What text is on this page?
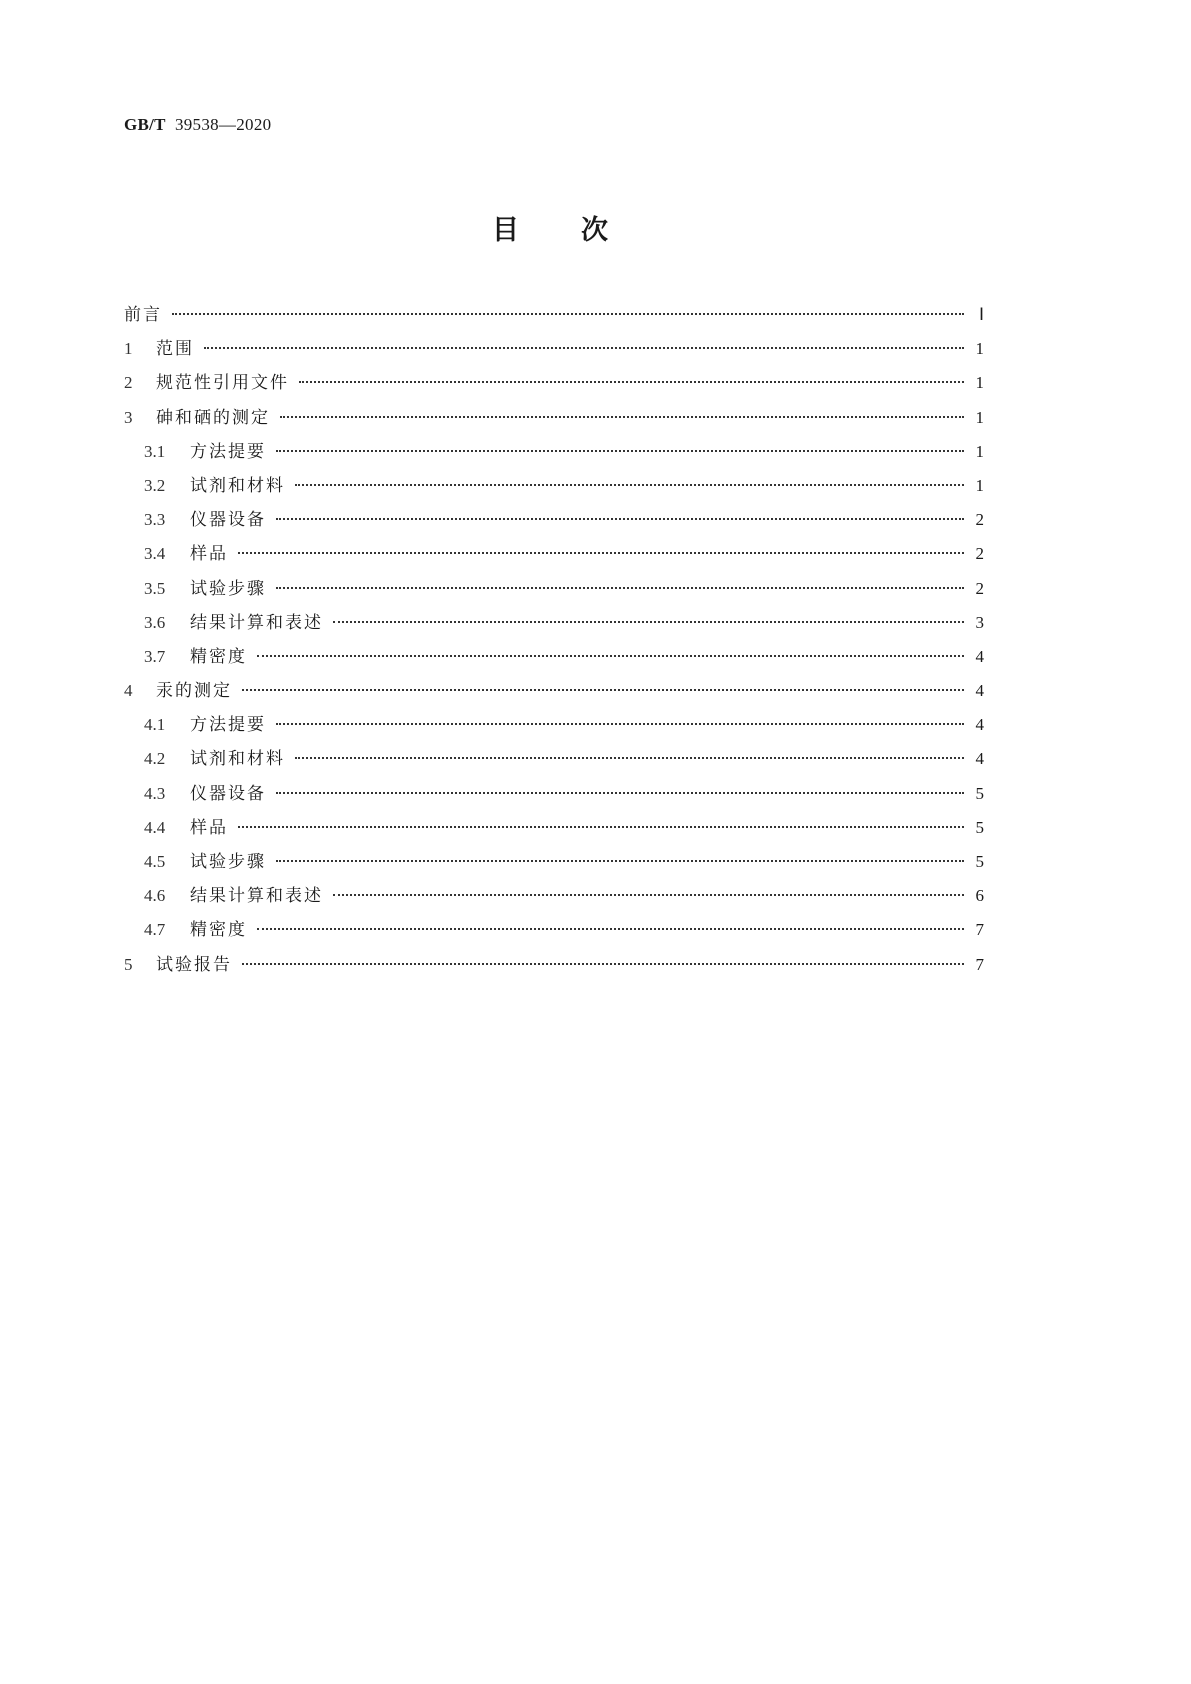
GB/T 39538—2020
目 次
前言	Ⅰ
1	范围	1
2	规范性引用文件	1
3	砷和硒的测定	1
3.1	方法提要	1
3.2	试剂和材料	1
3.3	仪器设备	2
3.4	样品	2
3.5	试验步骤	2
3.6	结果计算和表述	3
3.7	精密度	4
4	汞的测定	4
4.1	方法提要	4
4.2	试剂和材料	4
4.3	仪器设备	5
4.4	样品	5
4.5	试验步骤	5
4.6	结果计算和表述	6
4.7	精密度	7
5	试验报告	7
